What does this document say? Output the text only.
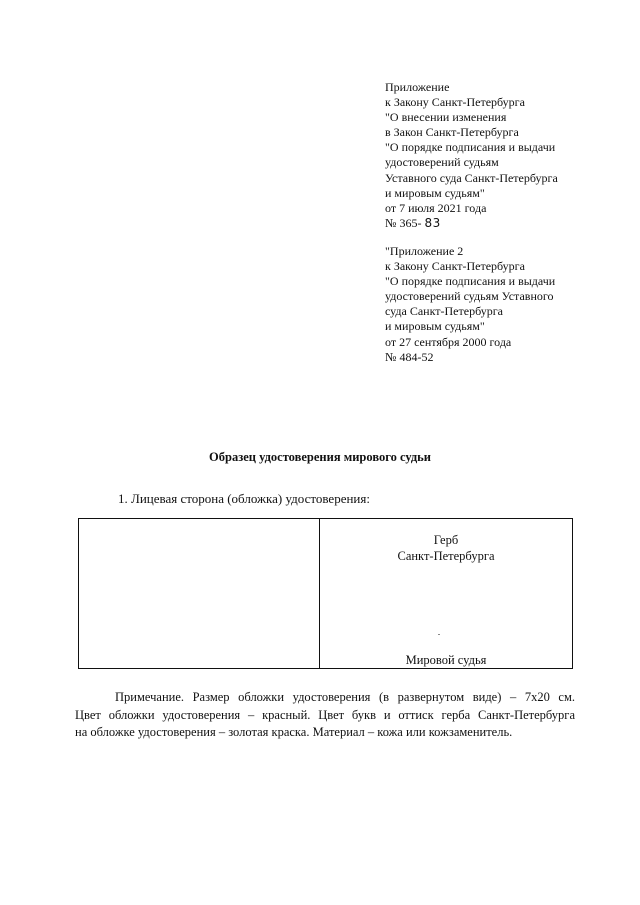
Приложение
к Закону Санкт-Петербурга
"О внесении изменения
в Закон Санкт-Петербурга
"О порядке подписания и выдачи
удостоверений судьям
Уставного суда Санкт-Петербурга
и мировым судьям"
от 7 июля 2021 года
№ 365- 83
"Приложение 2
к Закону Санкт-Петербурга
"О порядке подписания и выдачи
удостоверений судьям Уставного
суда Санкт-Петербурга
и мировым судьям"
от 27 сентября 2000 года
№ 484-52
Образец удостоверения мирового судьи
1. Лицевая сторона (обложка) удостоверения:
Герб
Санкт-Петербурга
Мировой судья
Примечание. Размер обложки удостоверения (в развернутом виде) – 7х20 см.
Цвет обложки удостоверения – красный. Цвет букв и оттиск герба Санкт-Петербурга
на обложке удостоверения – золотая краска. Материал – кожа или кожзаменитель.
